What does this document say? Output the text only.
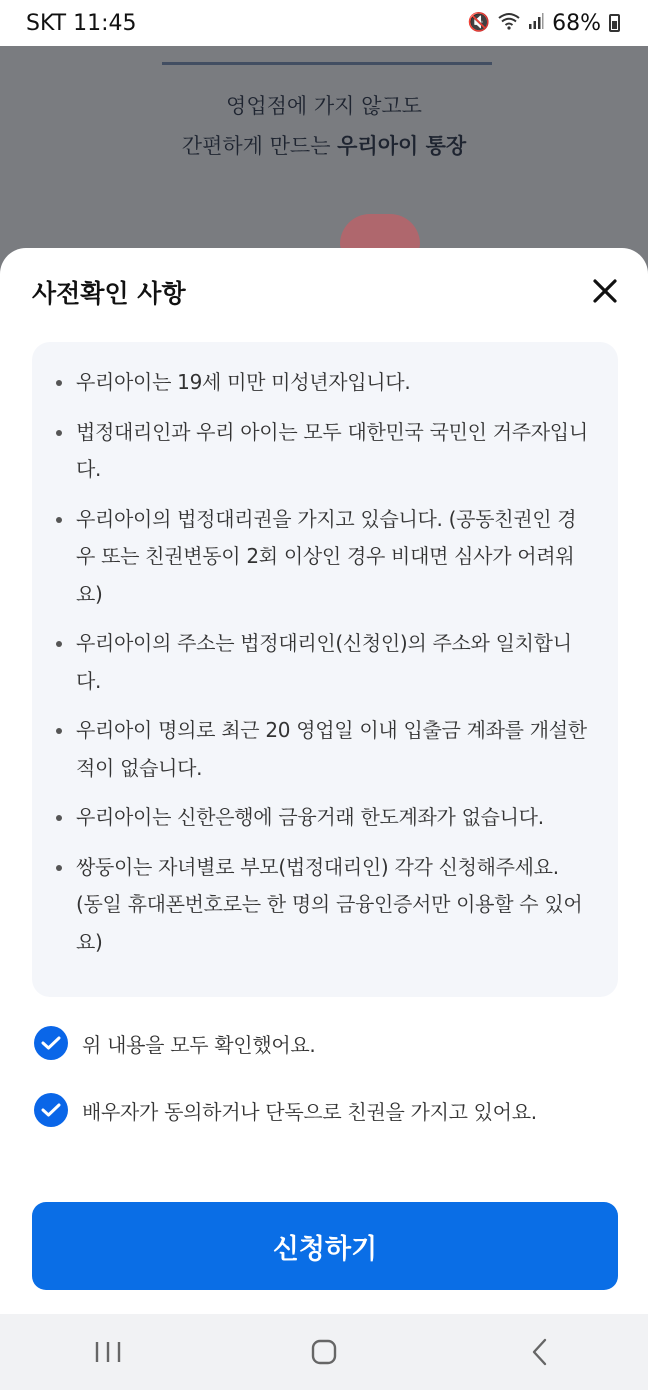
SKT 11:45	🔇	68%
영업점에 가지 않고도
간편하게 만드는 우리아이 통장
사전확인 사항
우리아이는 19세 미만 미성년자입니다.
법정대리인과 우리 아이는 모두 대한민국 국민인 거주자입니다.
우리아이의 법정대리권을 가지고 있습니다. (공동친권인 경우 또는 친권변동이 2회 이상인 경우 비대면 심사가 어려워요)
우리아이의 주소는 법정대리인(신청인)의 주소와 일치합니다.
우리아이 명의로 최근 20 영업일 이내 입출금 계좌를 개설한 적이 없습니다.
우리아이는 신한은행에 금융거래 한도계좌가 없습니다.
쌍둥이는 자녀별로 부모(법정대리인) 각각 신청해주세요. (동일 휴대폰번호로는 한 명의 금융인증서만 이용할 수 있어요)
위 내용을 모두 확인했어요.
배우자가 동의하거나 단독으로 친권을 가지고 있어요.
신청하기
